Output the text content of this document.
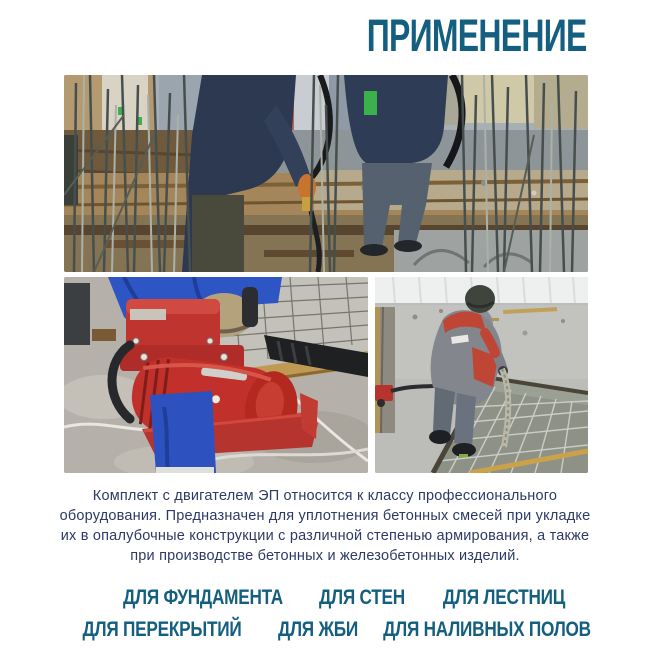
ПРИМЕНЕНИЕ
Комплект с двигателем ЭП относится к классу профессионального
оборудования. Предназначен для уплотнения бетонных смесей при укладке
их в опалубочные конструкции с различной степенью армирования, а также
при производстве бетонных и железобетонных изделий.
ДЛЯ ФУНДАМЕНТА	ДЛЯ СТЕН	ДЛЯ ЛЕСТНИЦ
ДЛЯ ПЕРЕКРЫТИЙ	ДЛЯ ЖБИ	ДЛЯ НАЛИВНЫХ ПОЛОВ
